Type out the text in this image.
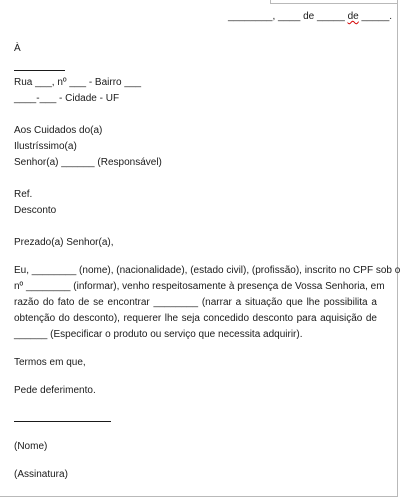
________, ____ de _____ de _____.
À
Rua ___, nº ___ - Bairro ___
____-___ - Cidade - UF
Aos Cuidados do(a)
Ilustríssimo(a)
Senhor(a) ______ (Responsável)
Ref.
Desconto
Prezado(a) Senhor(a),
Eu, ________ (nome), (nacionalidade), (estado civil), (profissão), inscrito no CPF sob o
nº ________ (informar), venho respeitosamente à presença de Vossa Senhoria, em
razão do fato de se encontrar ________ (narrar a situação que lhe possibilita a
obtenção do desconto), requerer lhe seja concedido desconto para aquisição de
______ (Especificar o produto ou serviço que necessita adquirir).
Termos em que,
Pede deferimento.
(Nome)
(Assinatura)
